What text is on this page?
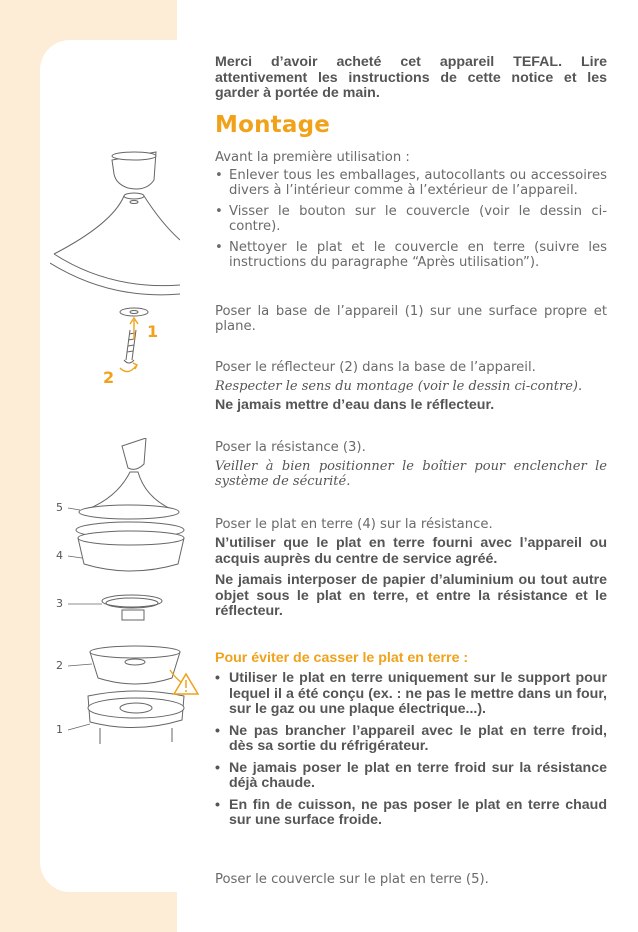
1
2
5
4
3
2
1

Merci d’avoir acheté cet appareil TEFAL. Lire attentivement les instructions de cette notice et les garder à portée de main.

Montage

Avant la première utilisation :

• Enlever tous les emballages, autocollants ou accessoires divers à l’intérieur comme à l’extérieur de l’appareil.
• Visser le bouton sur le couvercle (voir le dessin ci-contre).
• Nettoyer le plat et le couvercle en terre (suivre les instructions du paragraphe “Après utilisation”).

Poser la base de l’appareil (1) sur une surface propre et plane.

Poser le réflecteur (2) dans la base de l’appareil.

Respecter le sens du montage (voir le dessin ci-contre).

Ne jamais mettre d’eau dans le réflecteur.

Poser la résistance (3).

Veiller à bien positionner le boîtier pour enclencher le système de sécurité.

Poser le plat en terre (4) sur la résistance.

N’utiliser que le plat en terre fourni avec l’appareil ou acquis auprès du centre de service agréé.

Ne jamais interposer de papier d’aluminium ou tout autre objet sous le plat en terre, et entre la résistance et le réflecteur.

Pour éviter de casser le plat en terre :

• Utiliser le plat en terre uniquement sur le support pour lequel il a été conçu (ex. : ne pas le mettre dans un four, sur le gaz ou une plaque électrique...).
• Ne pas brancher l’appareil avec le plat en terre froid, dès sa sortie du réfrigérateur.
• Ne jamais poser le plat en terre froid sur la résistance déjà chaude.
• En fin de cuisson, ne pas poser le plat en terre chaud sur une surface froide.

Poser le couvercle sur le plat en terre (5).
